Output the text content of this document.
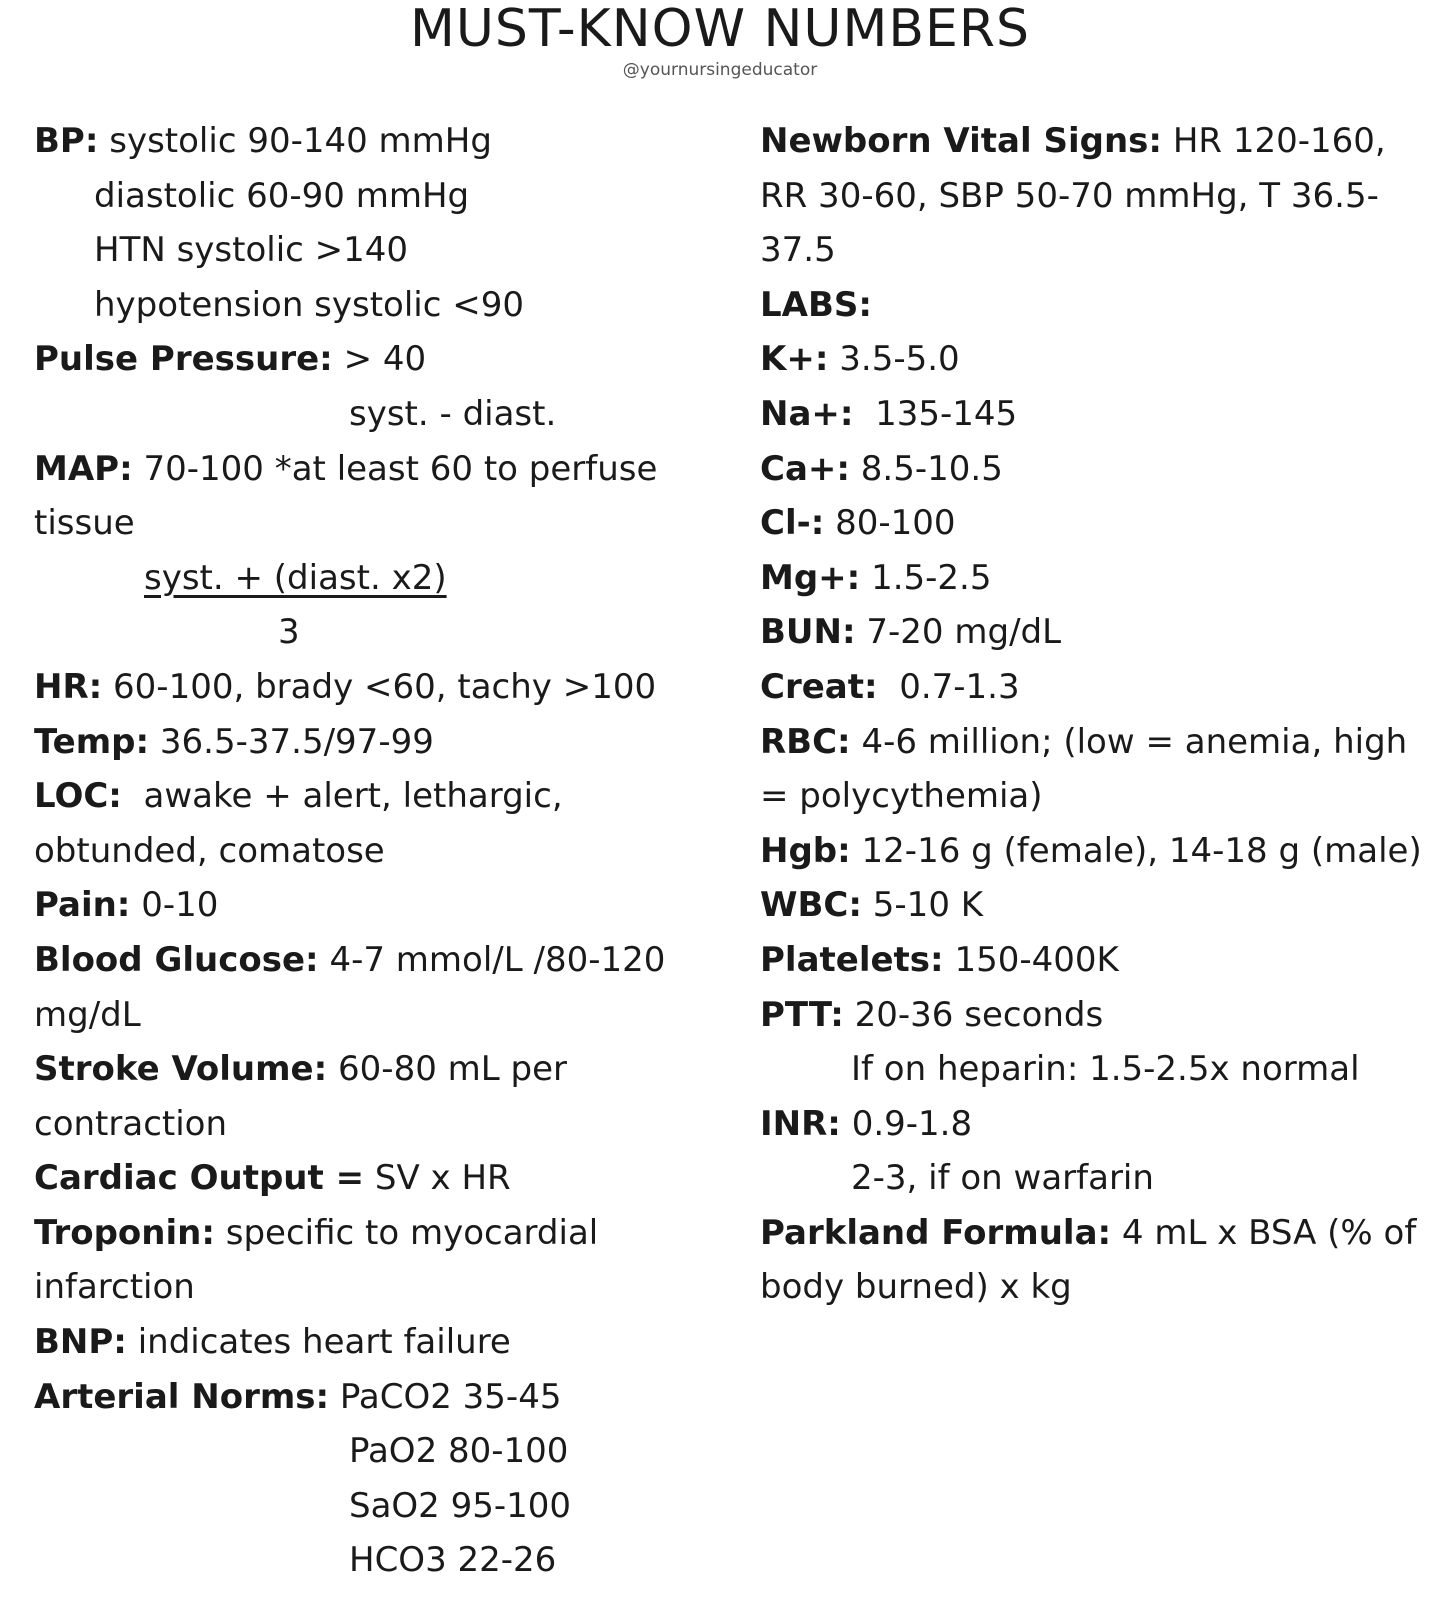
MUST-KNOW NUMBERS
@yournursingeducator
BP: systolic 90-140 mmHg
diastolic 60-90 mmHg
HTN systolic >140
hypotension systolic <90
Pulse Pressure: > 40
syst. - diast.
MAP: 70-100 *at least 60 to perfuse
tissue
syst. + (diast. x2)
3
HR: 60-100, brady <60, tachy >100
Temp: 36.5-37.5/97-99
LOC: awake + alert, lethargic,
obtunded, comatose
Pain: 0-10
Blood Glucose: 4-7 mmol/L /80-120
mg/dL
Stroke Volume: 60-80 mL per
contraction
Cardiac Output = SV x HR
Troponin: specific to myocardial
infarction
BNP: indicates heart failure
Arterial Norms: PaCO2 35-45
PaO2 80-100
SaO2 95-100
HCO3 22-26
Newborn Vital Signs: HR 120-160,
RR 30-60, SBP 50-70 mmHg, T 36.5-
37.5
LABS:
K+: 3.5-5.0
Na+: 135-145
Ca+: 8.5-10.5
Cl-: 80-100
Mg+: 1.5-2.5
BUN: 7-20 mg/dL
Creat: 0.7-1.3
RBC: 4-6 million; (low = anemia, high
= polycythemia)
Hgb: 12-16 g (female), 14-18 g (male)
WBC: 5-10 K
Platelets: 150-400K
PTT: 20-36 seconds
If on heparin: 1.5-2.5x normal
INR: 0.9-1.8
2-3, if on warfarin
Parkland Formula: 4 mL x BSA (% of
body burned) x kg
